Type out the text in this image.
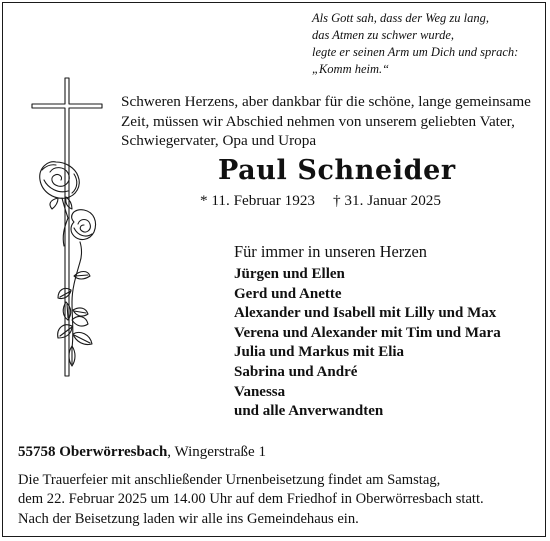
Als Gott sah, dass der Weg zu lang,
das Atmen zu schwer wurde,
legte er seinen Arm um Dich und sprach:
„Komm heim.“
Schweren Herzens, aber dankbar für die schöne, lange gemeinsame
Zeit, müssen wir Abschied nehmen von unserem geliebten Vater,
Schwiegervater, Opa und Uropa
Paul Schneider
* 11. Februar 1923 † 31. Januar 2025
Für immer in unseren Herzen
Jürgen und Ellen
Gerd und Anette
Alexander und Isabell mit Lilly und Max
Verena und Alexander mit Tim und Mara
Julia und Markus mit Elia
Sabrina und André
Vanessa
und alle Anverwandten
55758 Oberwörresbach, Wingerstraße 1
Die Trauerfeier mit anschließender Urnenbeisetzung findet am Samstag,
dem 22. Februar 2025 um 14.00 Uhr auf dem Friedhof in Oberwörresbach statt.
Nach der Beisetzung laden wir alle ins Gemeindehaus ein.
